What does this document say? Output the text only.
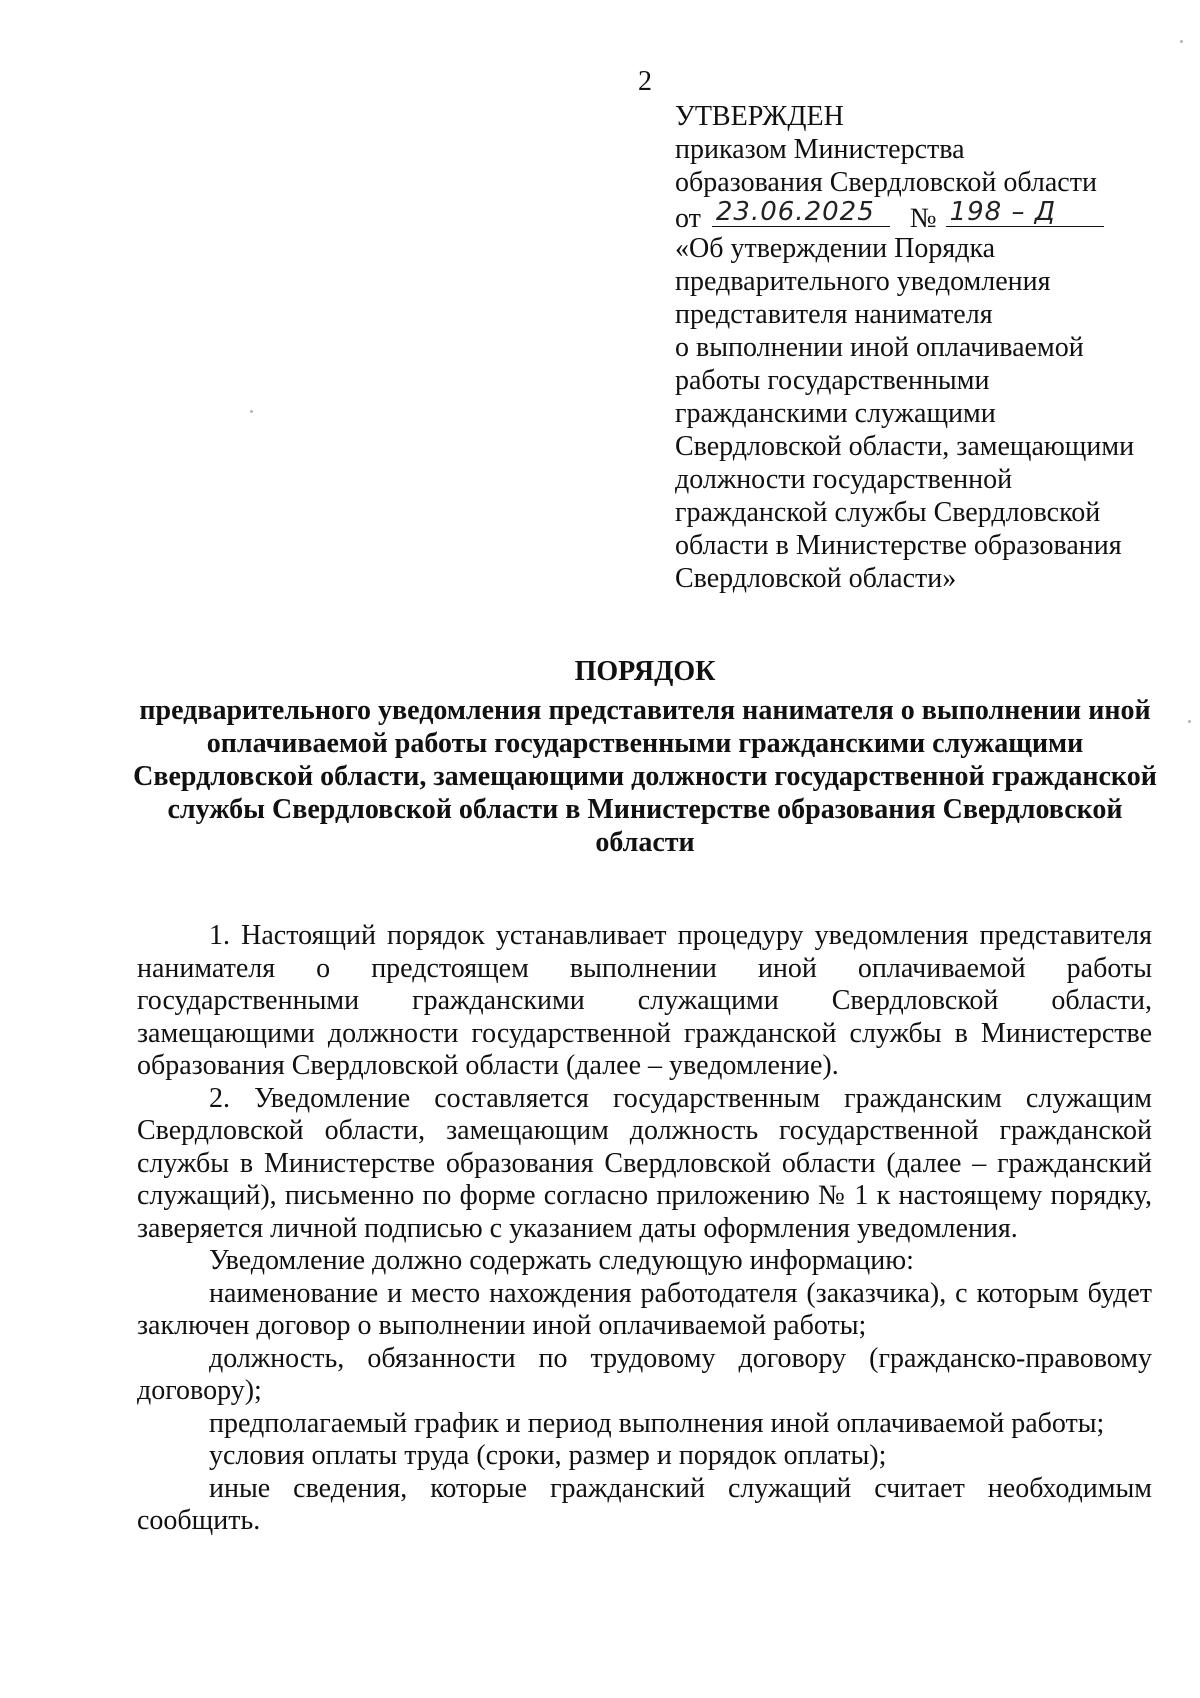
2
УТВЕРЖДЕН
приказом Министерства
образования Свердловской области
от 23.06.2025 № 198 – Д
«Об утверждении Порядка
предварительного уведомления
представителя нанимателя
о выполнении иной оплачиваемой
работы государственными
гражданскими служащими
Свердловской области, замещающими
должности государственной
гражданской службы Свердловской
области в Министерстве образования
Свердловской области»
ПОРЯДОК
предварительного уведомления представителя нанимателя о выполнении иной оплачиваемой работы государственными гражданскими служащими Свердловской области, замещающими должности государственной гражданской службы Свердловской области в Министерстве образования Свердловской области

1. Настоящий порядок устанавливает процедуру уведомления представителя нанимателя о предстоящем выполнении иной оплачиваемой работы государственными гражданскими служащими Свердловской области, замещающими должности государственной гражданской службы в Министерстве образования Свердловской области (далее – уведомление).

2. Уведомление составляется государственным гражданским служащим Свердловской области, замещающим должность государственной гражданской службы в Министерстве образования Свердловской области (далее – гражданский служащий), письменно по форме согласно приложению № 1 к настоящему порядку, заверяется личной подписью с указанием даты оформления уведомления.

Уведомление должно содержать следующую информацию:

наименование и место нахождения работодателя (заказчика), с которым будет заключен договор о выполнении иной оплачиваемой работы;

должность, обязанности по трудовому договору (гражданско-правовому договору);

предполагаемый график и период выполнения иной оплачиваемой работы;

условия оплаты труда (сроки, размер и порядок оплаты);

иные сведения, которые гражданский служащий считает необходимым сообщить.
